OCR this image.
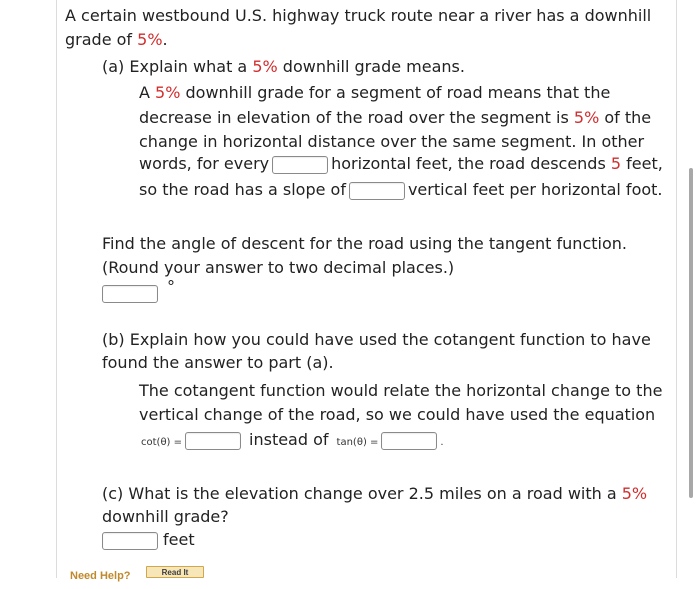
A certain westbound U.S. highway truck route near a river has a downhill
grade of 5%.
(a) Explain what a 5% downhill grade means.
A 5% downhill grade for a segment of road means that the
decrease in elevation of the road over the segment is 5% of the
change in horizontal distance over the same segment. In other
words, for every	horizontal feet, the road descends 5 feet,
so the road has a slope of	vertical feet per horizontal foot.
Find the angle of descent for the road using the tangent function.
(Round your answer to two decimal places.)
°
(b) Explain how you could have used the cotangent function to have
found the answer to part (a).
The cotangent function would relate the horizontal change to the
vertical change of the road, so we could have used the equation
cot(θ) =	instead of tan(θ) =	.
(c) What is the elevation change over 2.5 miles on a road with a 5%
downhill grade?
feet
Need Help?	Read It
